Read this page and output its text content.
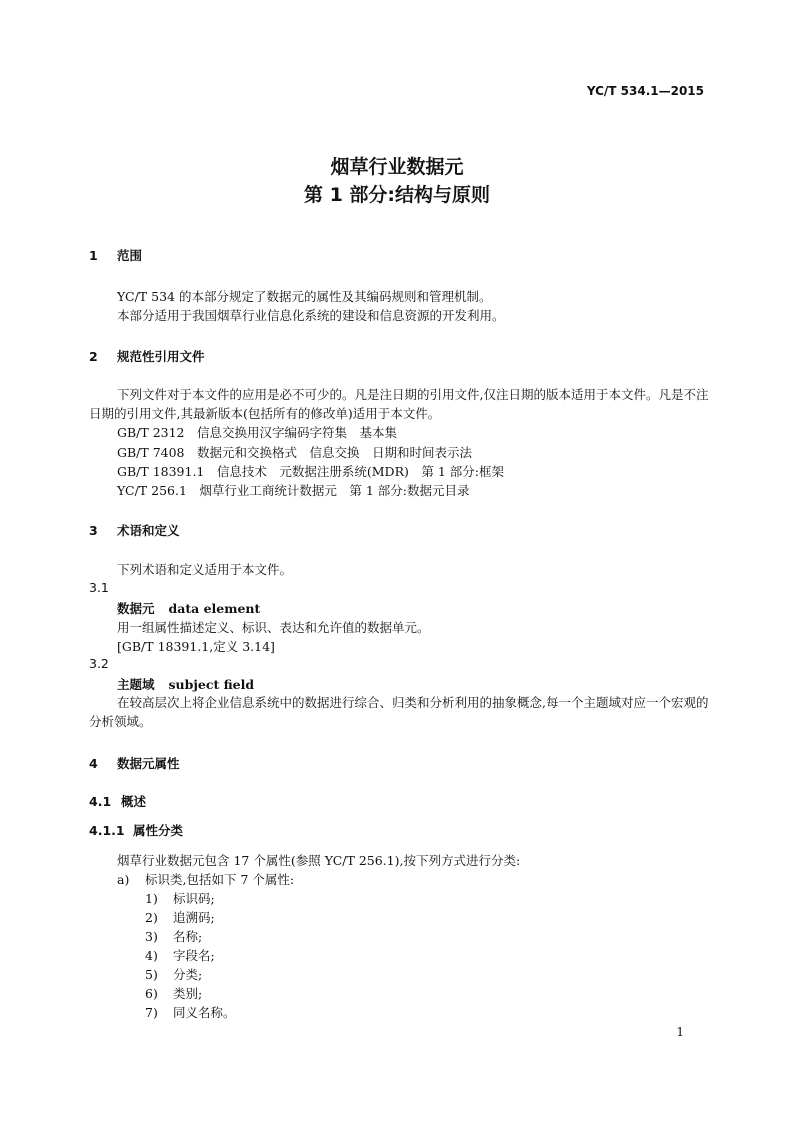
YC/T 534.1—2015
烟草行业数据元
第 1 部分:结构与原则
1 范围
YC/T 534 的本部分规定了数据元的属性及其编码规则和管理机制。
本部分适用于我国烟草行业信息化系统的建设和信息资源的开发利用。
2 规范性引用文件
下列文件对于本文件的应用是必不可少的。凡是注日期的引用文件,仅注日期的版本适用于本文件。凡是不注日期的引用文件,其最新版本(包括所有的修改单)适用于本文件。
GB/T 2312　信息交换用汉字编码字符集　基本集
GB/T 7408　数据元和交换格式　信息交换　日期和时间表示法
GB/T 18391.1　信息技术　元数据注册系统(MDR)　第 1 部分:框架
YC/T 256.1　烟草行业工商统计数据元　第 1 部分:数据元目录
3 术语和定义
下列术语和定义适用于本文件。
3.1
数据元 data element
用一组属性描述定义、标识、表达和允许值的数据单元。
[GB/T 18391.1,定义 3.14]
3.2
主题域 subject field
在较高层次上将企业信息系统中的数据进行综合、归类和分析利用的抽象概念,每一个主题域对应一个宏观的分析领域。
4 数据元属性
4.1 概述
4.1.1 属性分类
烟草行业数据元包含 17 个属性(参照 YC/T 256.1),按下列方式进行分类:
a) 标识类,包括如下 7 个属性:
1) 标识码;
2) 追溯码;
3) 名称;
4) 字段名;
5) 分类;
6) 类别;
7) 同义名称。
1
